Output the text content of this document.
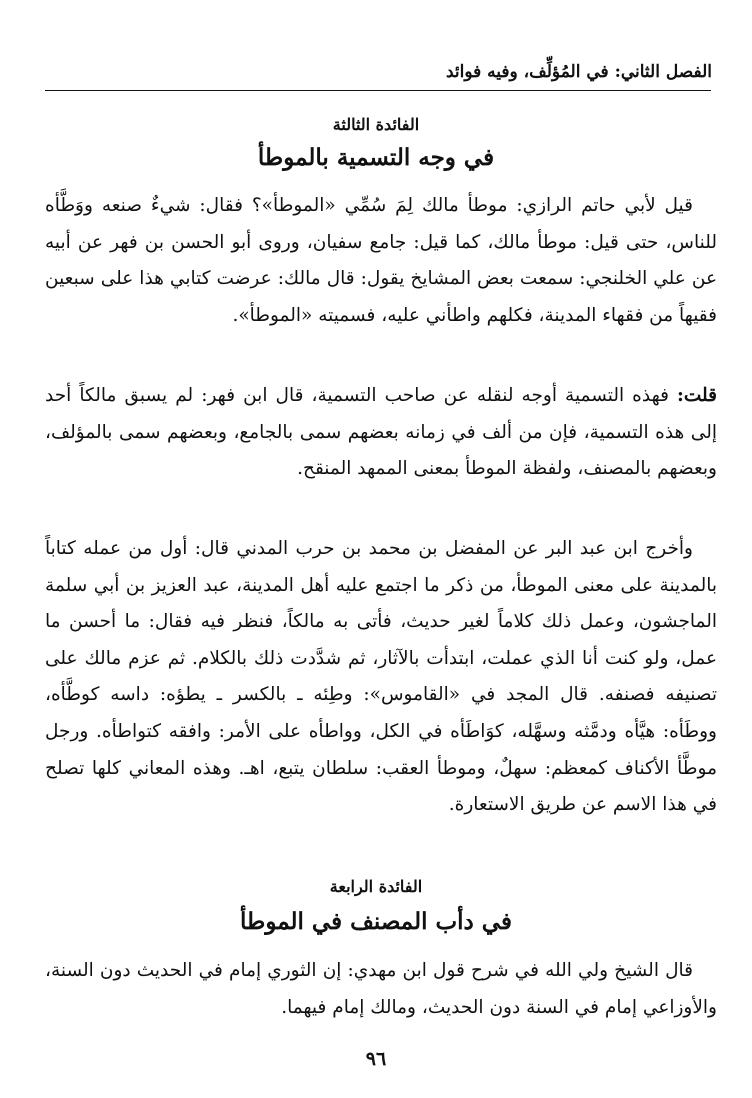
الفصل الثاني: في المُؤلِّف، وفيه فوائد
الفائدة الثالثة
في وجه التسمية بالموطأ
قيل لأبي حاتم الرازي: موطأ مالك لِمَ سُمِّي «الموطأ»؟ فقال: شيءٌ صنعه ووَطَّأه للناس، حتى قيل: موطأ مالك، كما قيل: جامع سفيان، وروى أبو الحسن بن فهر عن أبيه عن علي الخلنجي: سمعت بعض المشايخ يقول: قال مالك: عرضت كتابي هذا على سبعين فقيهاً من فقهاء المدينة، فكلهم واطأني عليه، فسميته «الموطأ».
قلت: فهذه التسمية أوجه لنقله عن صاحب التسمية، قال ابن فهر: لم يسبق مالكاً أحد إلى هذه التسمية، فإن من ألف في زمانه بعضهم سمى بالجامع، وبعضهم سمى بالمؤلف، وبعضهم بالمصنف، ولفظة الموطأ بمعنى الممهد المنقح.
وأخرج ابن عبد البر عن المفضل بن محمد بن حرب المدني قال: أول من عمله كتاباً بالمدينة على معنى الموطأ، من ذكر ما اجتمع عليه أهل المدينة، عبد العزيز بن أبي سلمة الماجشون، وعمل ذلك كلاماً لغير حديث، فأتى به مالكاً، فنظر فيه فقال: ما أحسن ما عمل، ولو كنت أنا الذي عملت، ابتدأت بالآثار، ثم شدَّدت ذلك بالكلام. ثم عزم مالك على تصنيفه فصنفه. قال المجد في «القاموس»: وطِئه ـ بالكسر ـ يطؤه: داسه كوطَّأه، ووطَأه: هيَّأه ودمَّثه وسهَّله، كوَاطَأه في الكل، وواطأه على الأمر: وافقه كتواطأه. ورجل موطَّأ الأكناف كمعظم: سهلٌ، وموطأ العقب: سلطان يتبع، اهـ. وهذه المعاني كلها تصلح في هذا الاسم عن طريق الاستعارة.
الفائدة الرابعة
في دأب المصنف في الموطأ
قال الشيخ ولي الله في شرح قول ابن مهدي: إن الثوري إمام في الحديث دون السنة، والأوزاعي إمام في السنة دون الحديث، ومالك إمام فيهما.
٩٦
